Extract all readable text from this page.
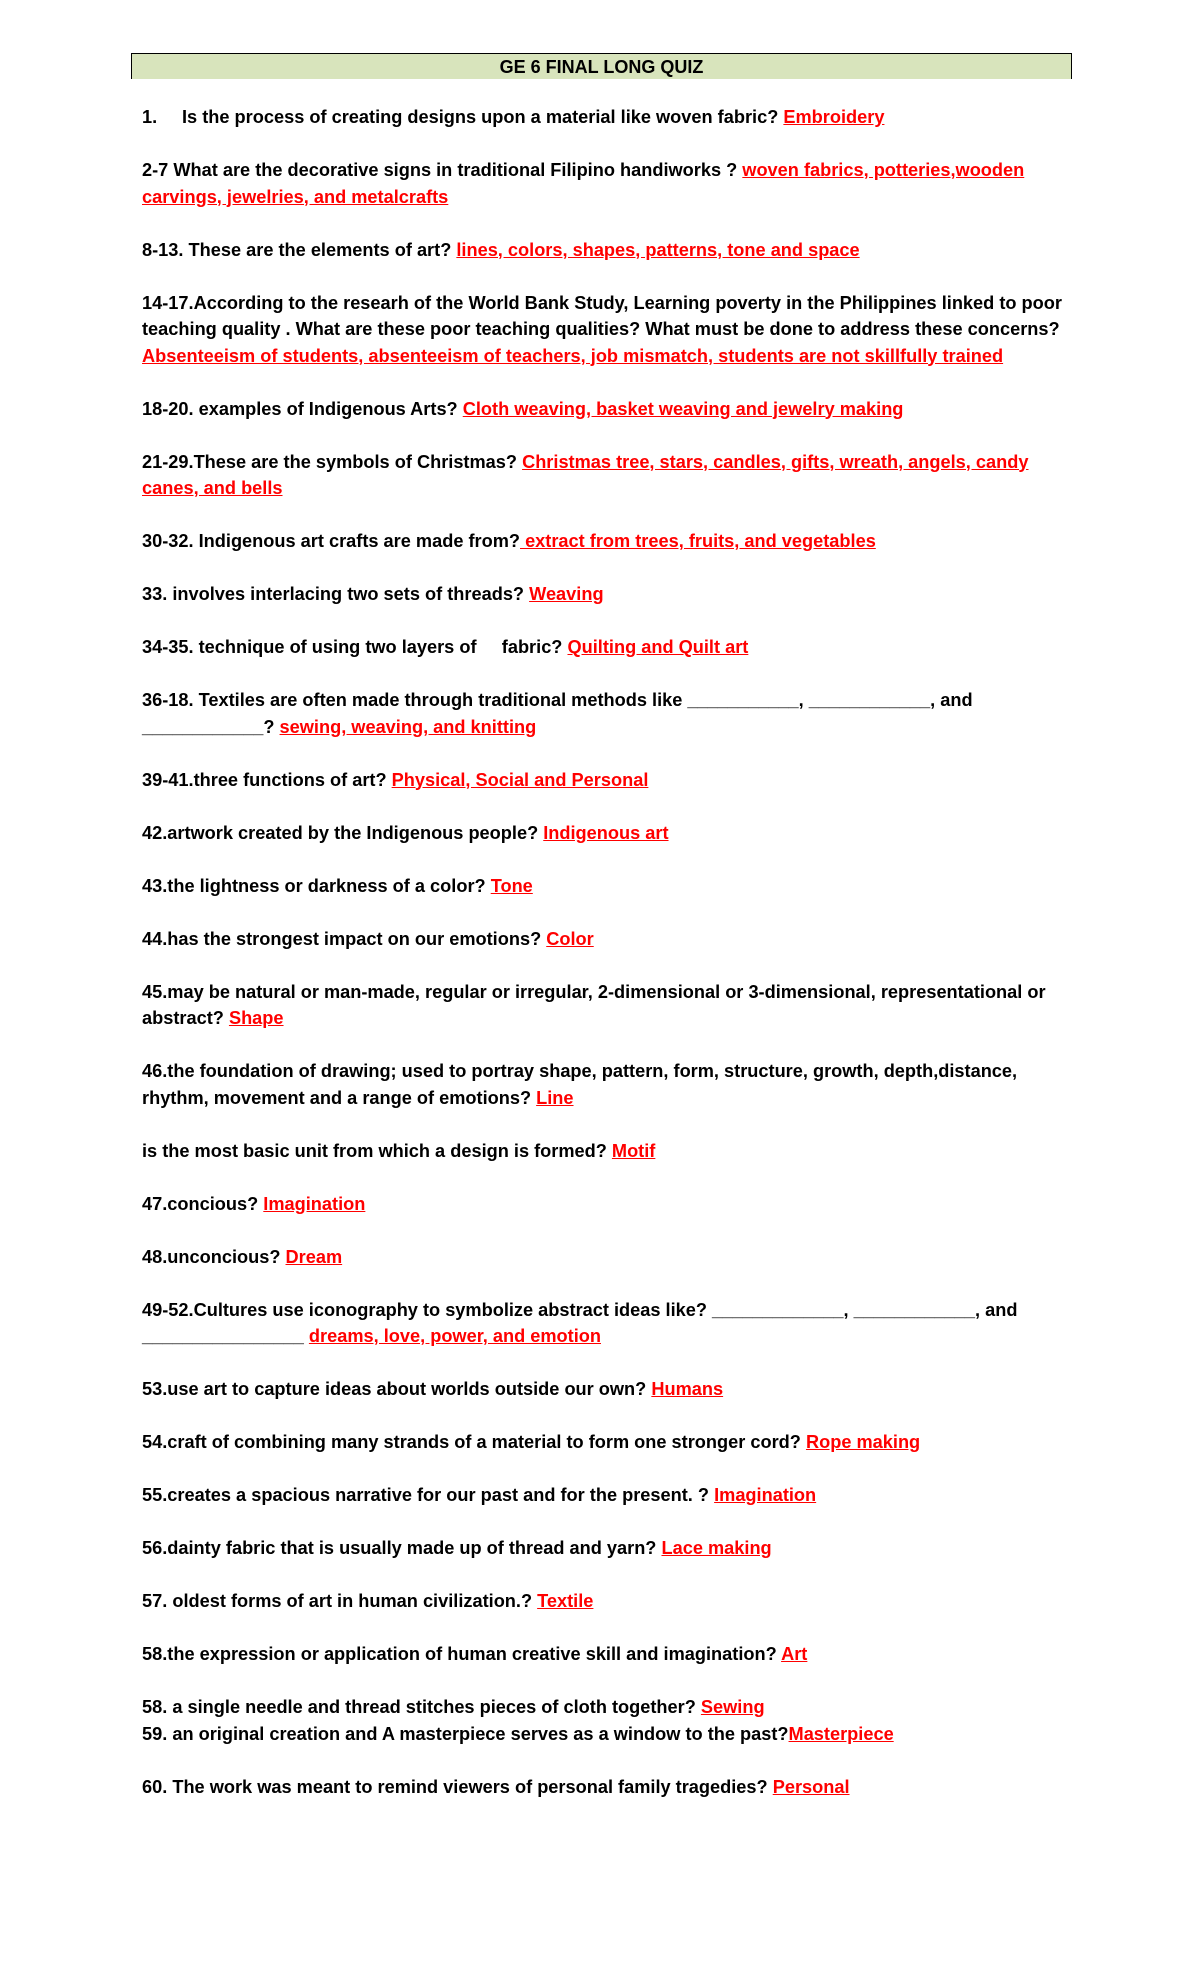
GE 6 FINAL LONG QUIZ

1. Is the process of creating designs upon a material like woven fabric? Embroidery

2-7 What are the decorative signs in traditional Filipino handiworks ? woven fabrics, potteries,wooden carvings, jewelries, and metalcrafts

8-13. These are the elements of art? lines, colors, shapes, patterns, tone and space

14-17.According to the researh of the World Bank Study, Learning poverty in the Philippines linked to poor teaching quality . What are these poor teaching qualities? What must be done to address these concerns? Absenteeism of students, absenteeism of teachers, job mismatch, students are not skillfully trained

18-20. examples of Indigenous Arts? Cloth weaving, basket weaving and jewelry making

21-29.These are the symbols of Christmas? Christmas tree, stars, candles, gifts, wreath, angels, candy canes, and bells

30-32. Indigenous art crafts are made from? extract from trees, fruits, and vegetables

33. involves interlacing two sets of threads? Weaving

34-35. technique of using two layers of     fabric? Quilting and Quilt art

36-18. Textiles are often made through traditional methods like ___________, ____________, and ____________? sewing, weaving, and knitting

39-41.three functions of art? Physical, Social and Personal

42.artwork created by the Indigenous people? Indigenous art

43.the lightness or darkness of a color? Tone

44.has the strongest impact on our emotions? Color

45.may be natural or man-made, regular or irregular, 2-dimensional or 3-dimensional, representational or abstract? Shape

46.the foundation of drawing; used to portray shape, pattern, form, structure, growth, depth,distance, rhythm, movement and a range of emotions? Line

is the most basic unit from which a design is formed? Motif

47.concious? Imagination

48.unconcious? Dream

49-52.Cultures use iconography to symbolize abstract ideas like? _____________, ____________, and ________________ dreams, love, power, and emotion

53.use art to capture ideas about worlds outside our own? Humans

54.craft of combining many strands of a material to form one stronger cord? Rope making

55.creates a spacious narrative for our past and for the present. ? Imagination

56.dainty fabric that is usually made up of thread and yarn? Lace making

57. oldest forms of art in human civilization.? Textile

58.the expression or application of human creative skill and imagination? Art

58. a single needle and thread stitches pieces of cloth together? Sewing

59. an original creation and A masterpiece serves as a window to the past?Masterpiece

60. The work was meant to remind viewers of personal family tragedies? Personal
